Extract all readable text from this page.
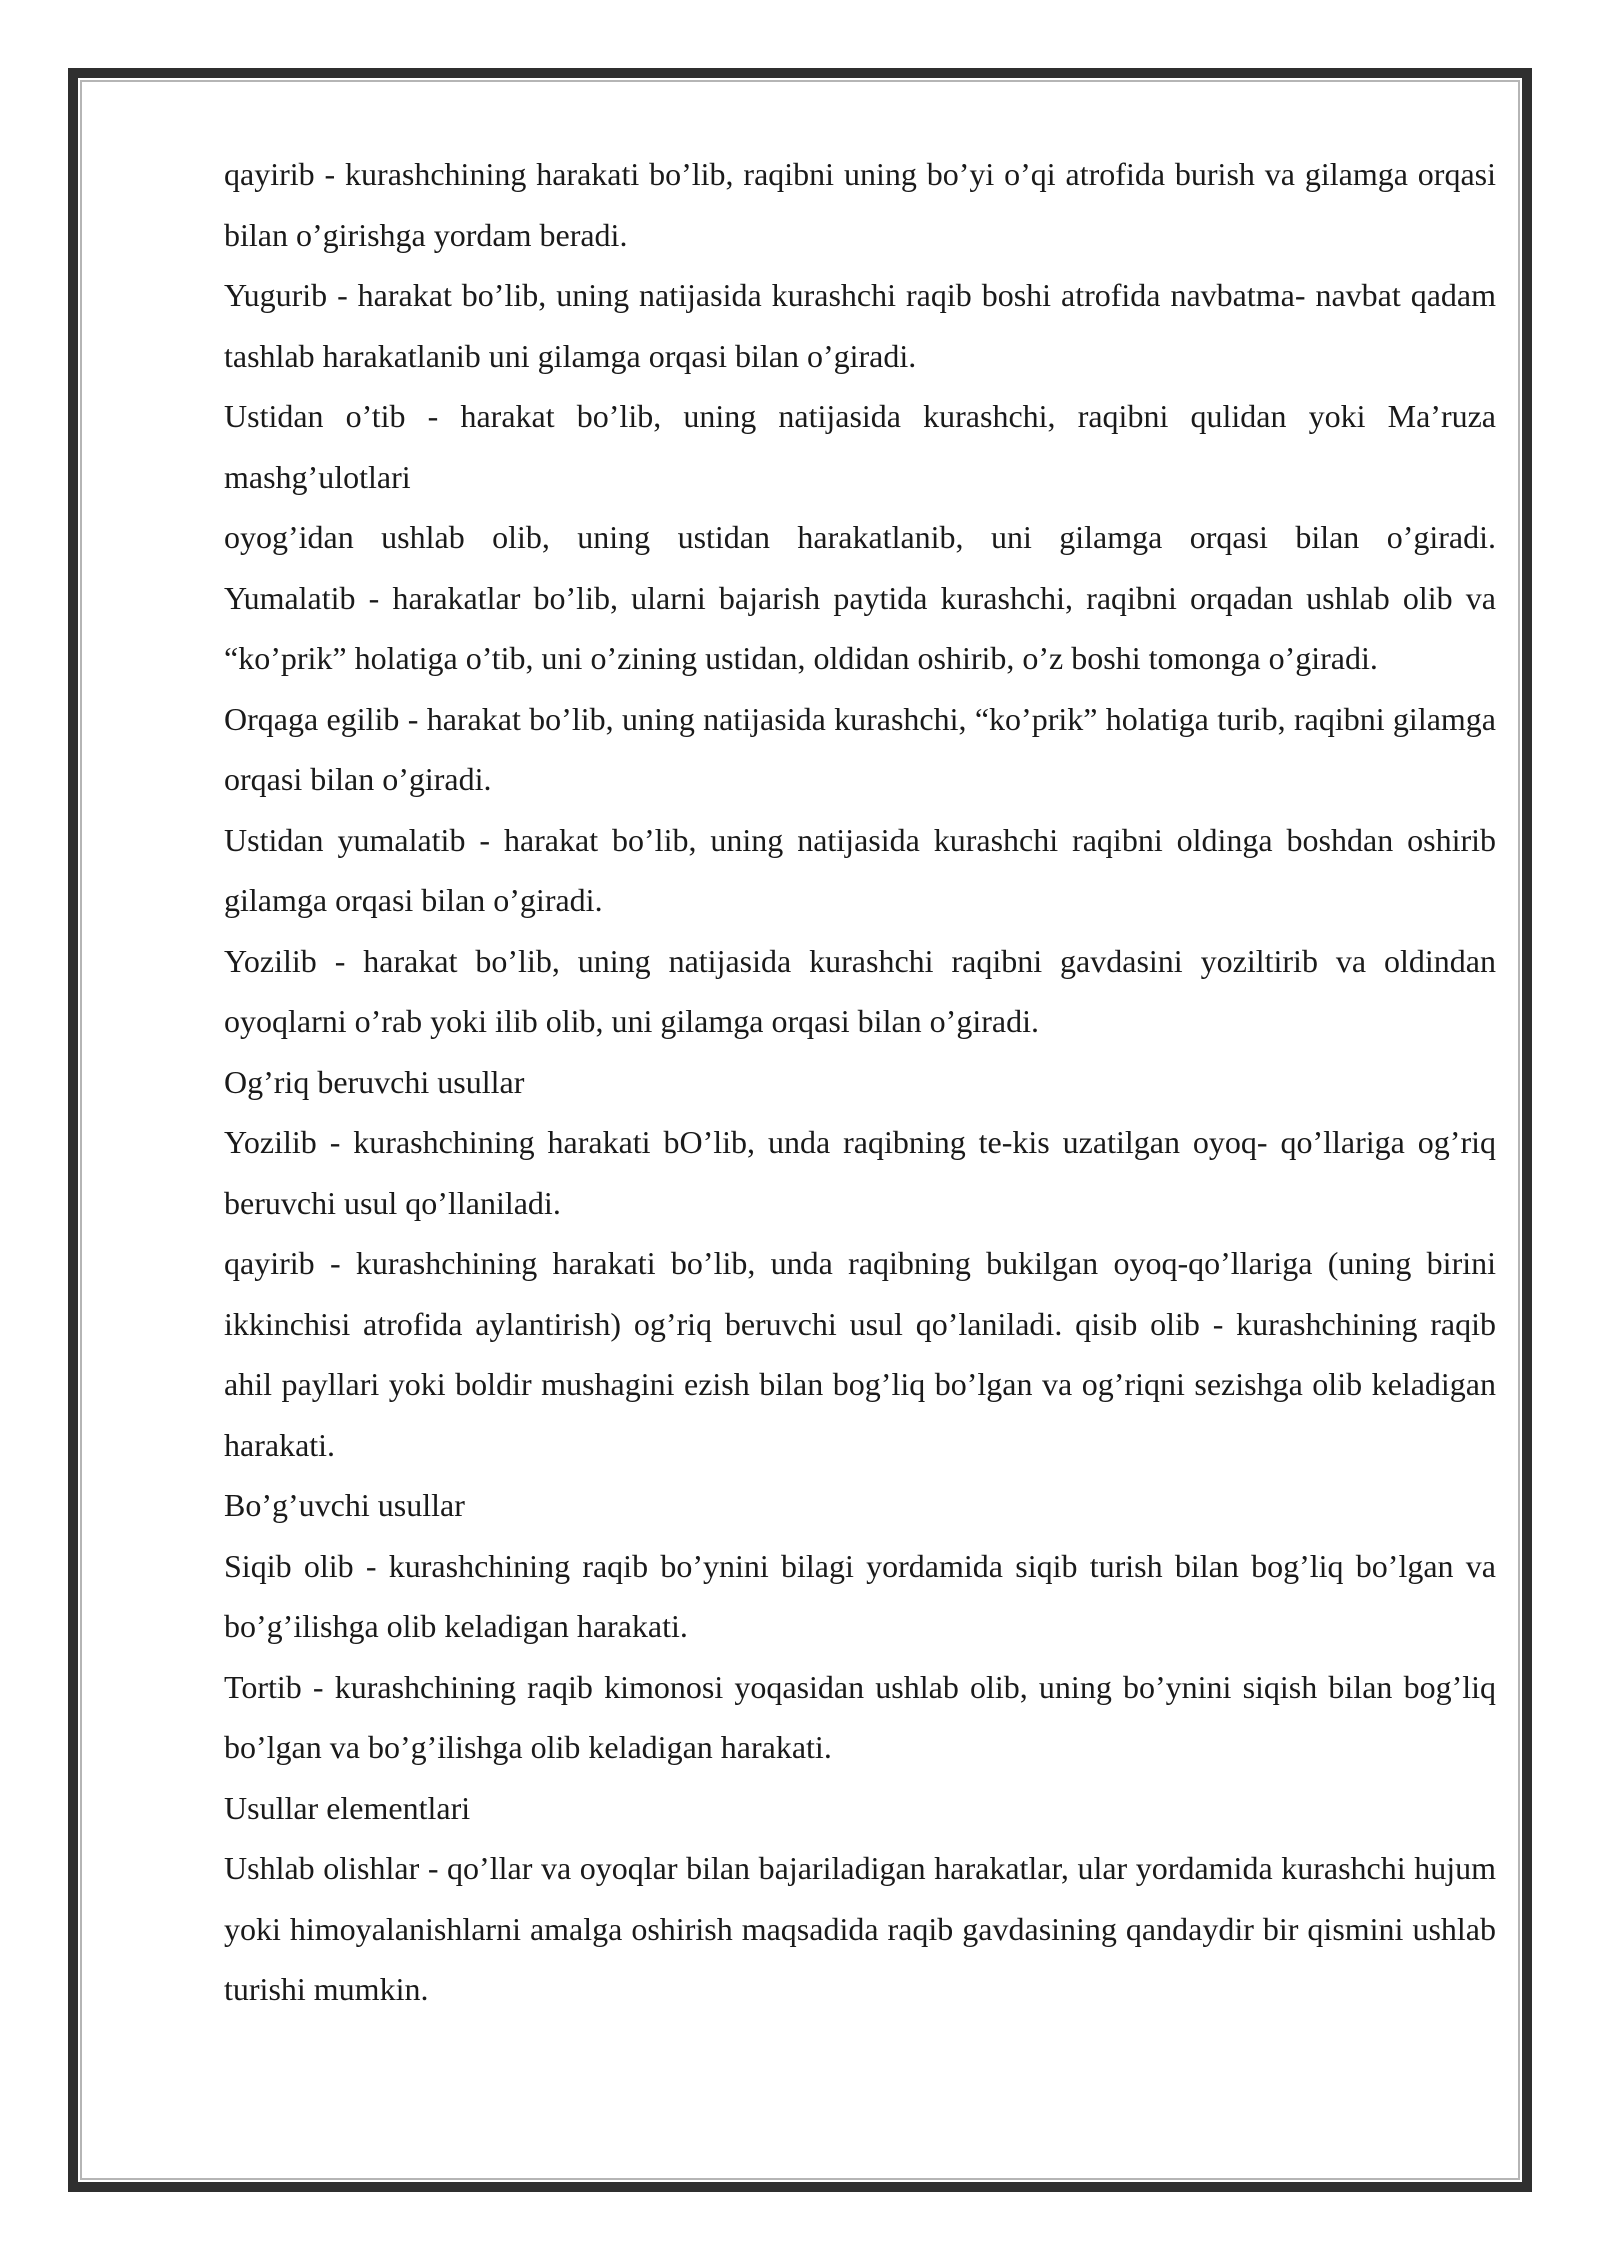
qayirib - kurashchining harakati bo’lib, raqibni uning bo’yi o’qi atrofida burish va gilamga orqasi bilan o’girishga yordam beradi.

Yugurib - harakat bo’lib, uning natijasida kurashchi raqib boshi atrofida navbatma- navbat qadam tashlab harakatlanib uni gilamga orqasi bilan o’giradi.

Ustidan o’tib - harakat bo’lib, uning natijasida kurashchi, raqibni qulidan yoki Ma’ruza mashg’ulotlari

oyog’idan ushlab olib, uning ustidan harakatlanib, uni gilamga orqasi bilan o’giradi.

Yumalatib - harakatlar bo’lib, ularni bajarish paytida kurashchi, raqibni orqadan ushlab olib va “ko’prik” holatiga o’tib, uni o’zining ustidan, oldidan oshirib, o’z boshi tomonga o’giradi.

Orqaga egilib - harakat bo’lib, uning natijasida kurashchi, “ko’prik” holatiga turib, raqibni gilamga orqasi bilan o’giradi.

Ustidan yumalatib - harakat bo’lib, uning natijasida kurashchi raqibni oldinga boshdan oshirib gilamga orqasi bilan o’giradi.

Yozilib - harakat bo’lib, uning natijasida kurashchi raqibni gavdasini yoziltirib va oldindan oyoqlarni o’rab yoki ilib olib, uni gilamga orqasi bilan o’giradi.

Og’riq beruvchi usullar

Yozilib - kurashchining harakati bO’lib, unda raqibning te-kis uzatilgan oyoq- qo’llariga og’riq beruvchi usul qo’llaniladi.

qayirib - kurashchining harakati bo’lib, unda raqibning bukilgan oyoq-qo’llariga (uning birini ikkinchisi atrofida aylantirish) og’riq beruvchi usul qo’laniladi. qisib olib - kurashchining raqib ahil payllari yoki boldir mushagini ezish bilan bog’liq bo’lgan va og’riqni sezishga olib keladigan harakati.

Bo’g’uvchi usullar

Siqib olib - kurashchining raqib bo’ynini bilagi yordamida siqib turish bilan bog’liq bo’lgan va bo’g’ilishga olib keladigan harakati.

Tortib - kurashchining raqib kimonosi yoqasidan ushlab olib, uning bo’ynini siqish bilan bog’liq bo’lgan va bo’g’ilishga olib keladigan harakati.

Usullar elementlari

Ushlab olishlar - qo’llar va oyoqlar bilan bajariladigan harakatlar, ular yordamida kurashchi hujum yoki himoyalanishlarni amalga oshirish maqsadida raqib gavdasining qandaydir bir qismini ushlab turishi mumkin.
